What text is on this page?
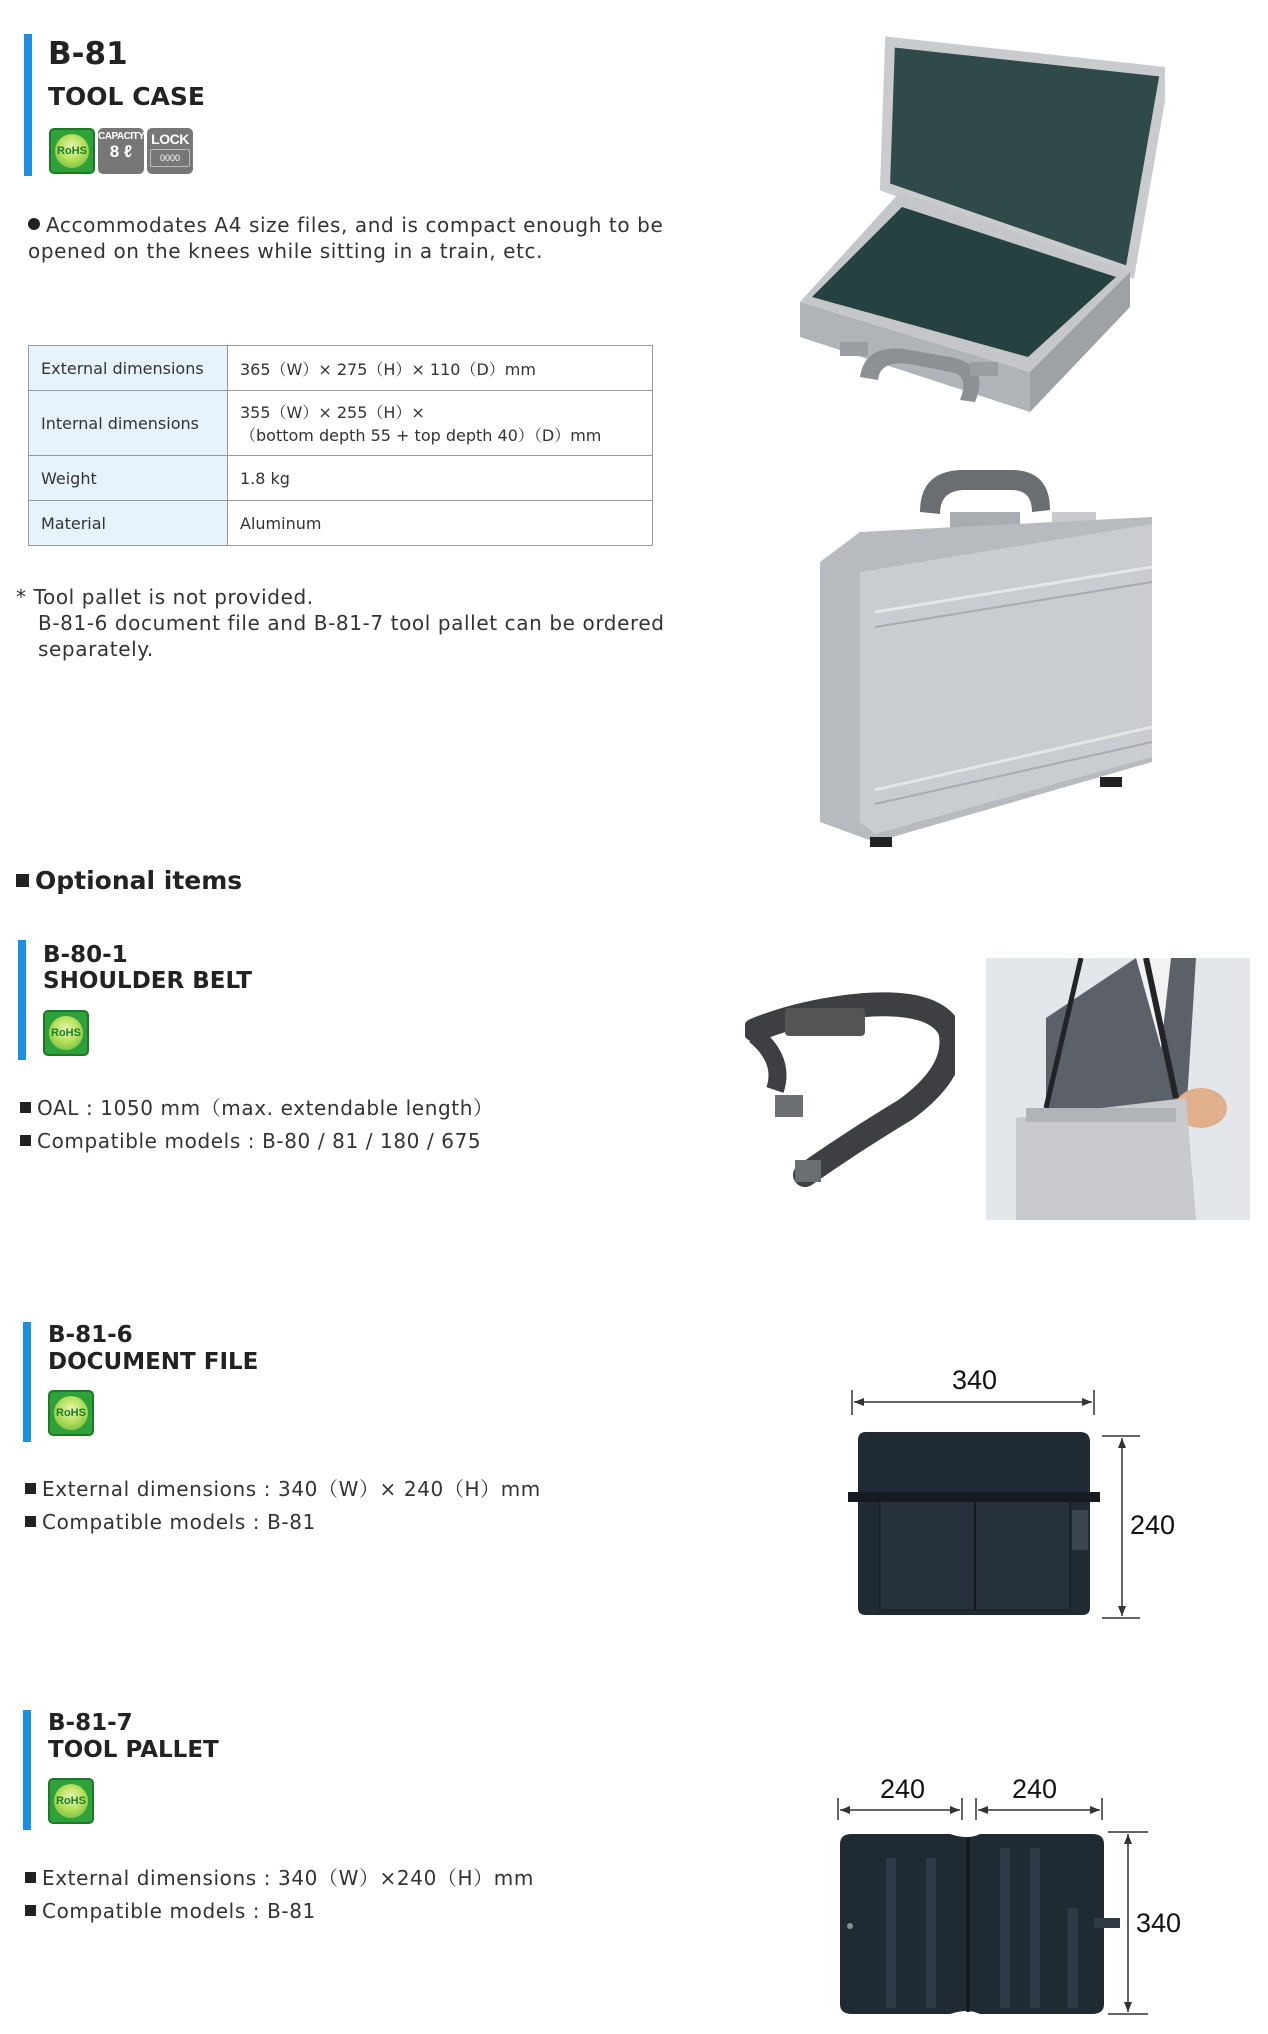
B-81
TOOL CASE
RoHS
CAPACITY
8 ℓ
LOCK
0000
Accommodates A4 size files, and is compact enough to be opened on the knees while sitting in a train, etc.
External dimensions	365（W）× 275（H）× 110（D）mm
Internal dimensions	355（W）× 255（H）×
（bottom depth 55 + top depth 40）（D）mm

Weight	1.8 kg
Material	Aluminum
* Tool pallet is not provided.
B-81-6 document file and B-81-7 tool pallet can be ordered
separately.
Optional items
B-80-1
SHOULDER BELT
RoHS
OAL : 1050 mm（max. extendable length）
Compatible models : B-80 / 81 / 180 / 675
B-81-6
DOCUMENT FILE
RoHS
External dimensions : 340（W）× 240（H）mm
Compatible models : B-81
340
240
B-81-7
TOOL PALLET
RoHS
External dimensions : 340（W）×240（H）mm
Compatible models : B-81
240	240
340
